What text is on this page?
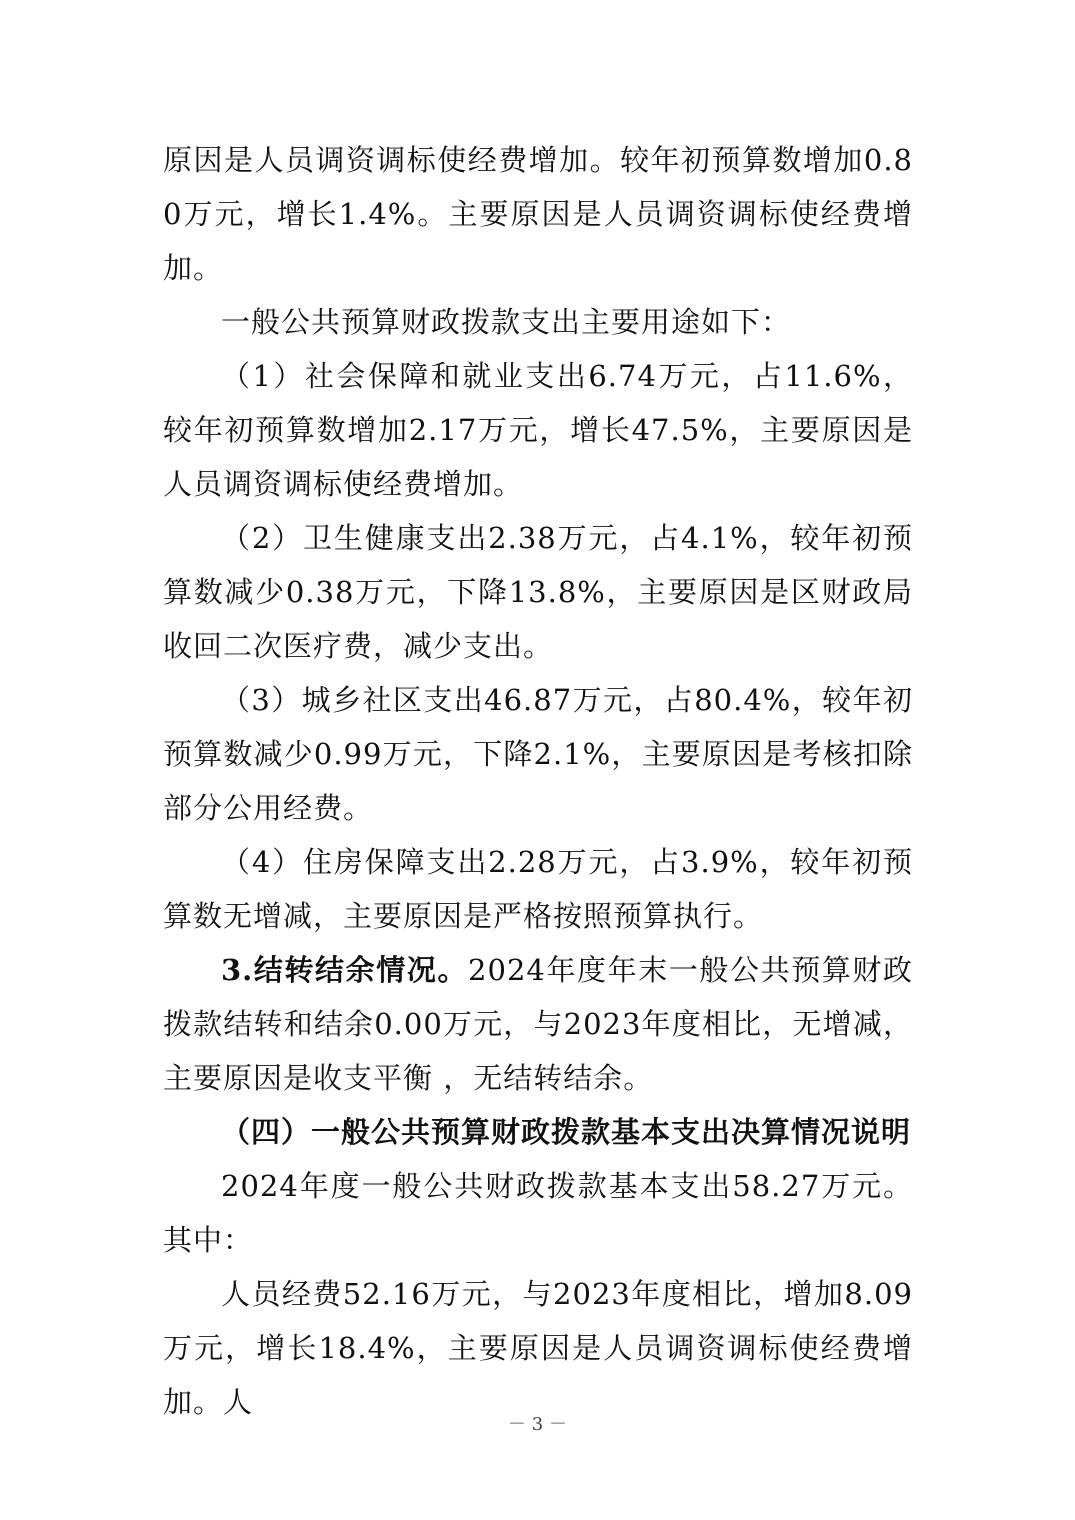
原因是人员调资调标使经费增加。较年初预算数增加0.80万元，增长1.4%。主要原因是人员调资调标使经费增加。

一般公共预算财政拨款支出主要用途如下：

（1）社会保障和就业支出6.74万元，占11.6%，较年初预算数增加2.17万元，增长47.5%，主要原因是人员调资调标使经费增加。

（2）卫生健康支出2.38万元，占4.1%，较年初预算数减少0.38万元，下降13.8%，主要原因是区财政局收回二次医疗费，减少支出。

（3）城乡社区支出46.87万元，占80.4%，较年初预算数减少0.99万元，下降2.1%，主要原因是考核扣除部分公用经费。

（4）住房保障支出2.28万元，占3.9%，较年初预算数无增减，主要原因是严格按照预算执行。

3.结转结余情况。2024年度年末一般公共预算财政拨款结转和结余0.00万元，与2023年度相比，无增减，主要原因是收支平衡 ，无结转结余。

（四）一般公共预算财政拨款基本支出决算情况说明

2024年度一般公共财政拨款基本支出58.27万元。其中：

人员经费52.16万元，与2023年度相比，增加8.09万元，增长18.4%，主要原因是人员调资调标使经费增加。人

－ 3 －
